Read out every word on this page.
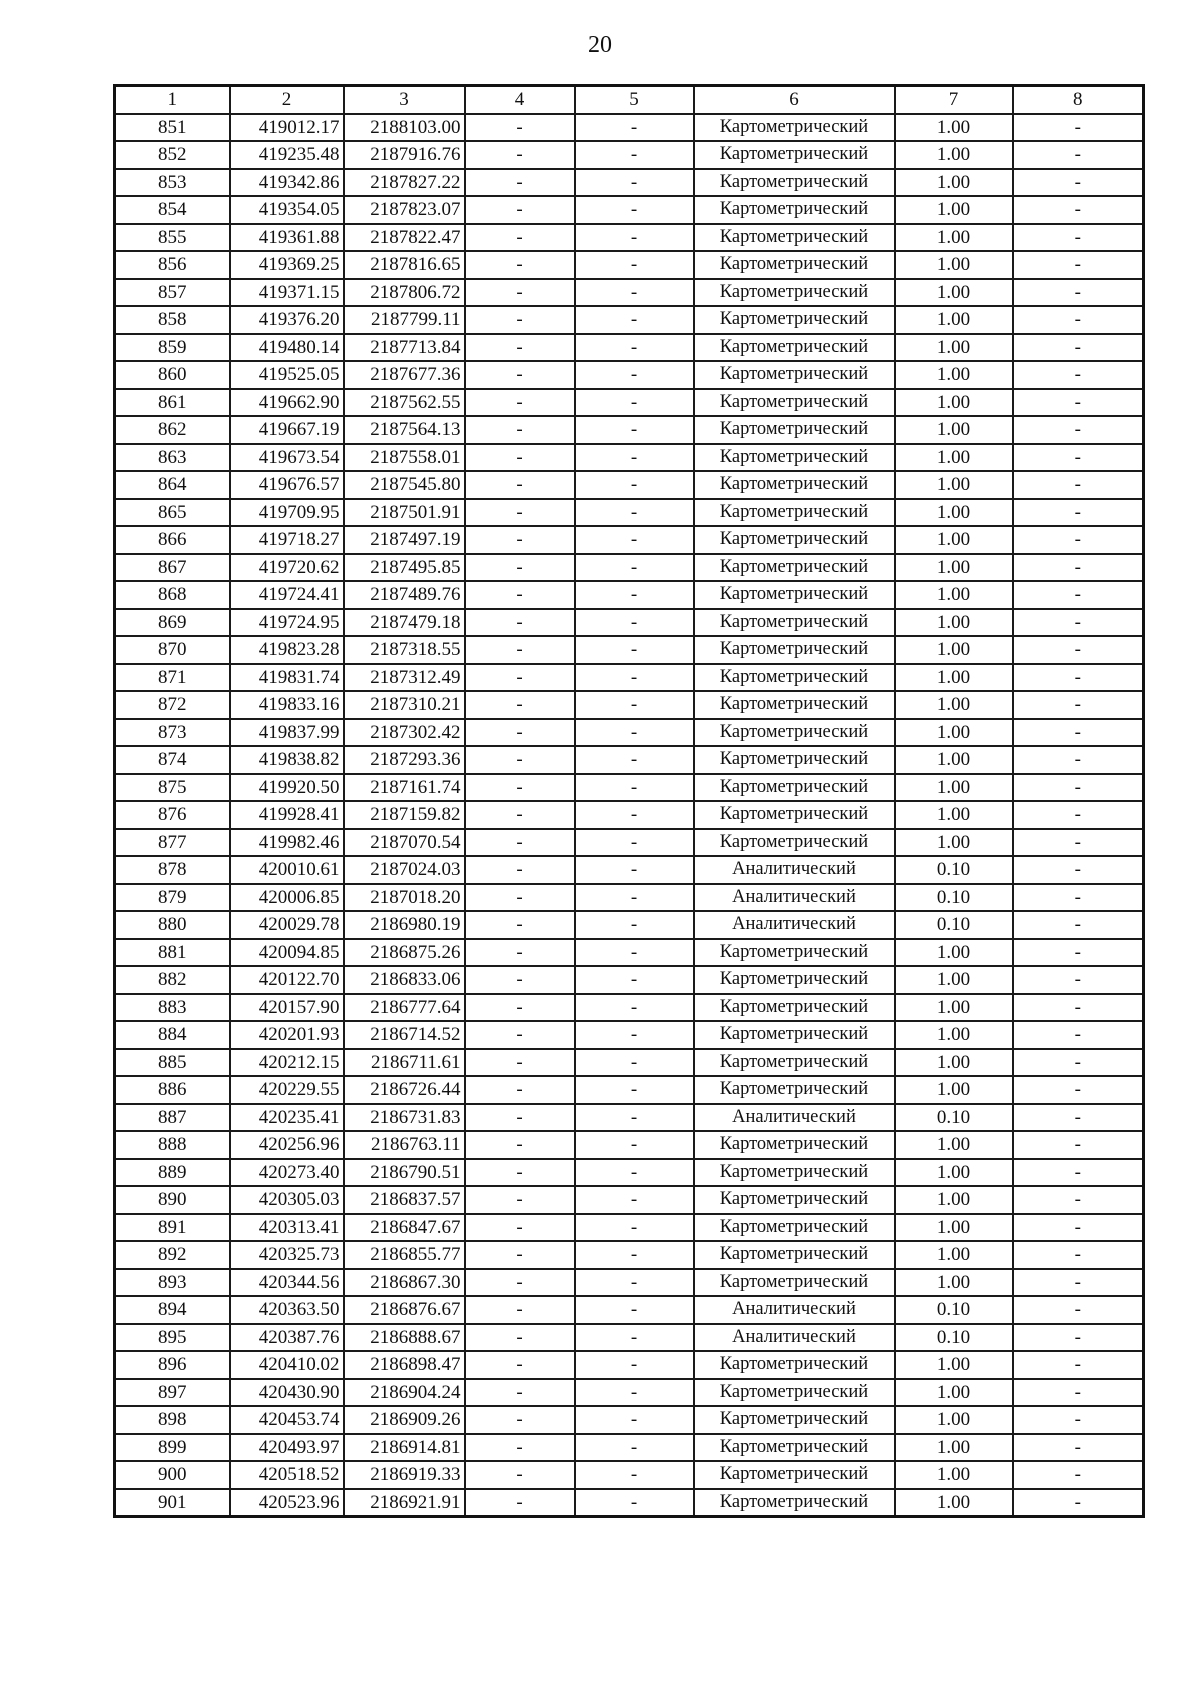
20
1	2	3	4	5	6	7	8
851	419012.17	2188103.00	-	-	Картометрический	1.00	-
852	419235.48	2187916.76	-	-	Картометрический	1.00	-
853	419342.86	2187827.22	-	-	Картометрический	1.00	-
854	419354.05	2187823.07	-	-	Картометрический	1.00	-
855	419361.88	2187822.47	-	-	Картометрический	1.00	-
856	419369.25	2187816.65	-	-	Картометрический	1.00	-
857	419371.15	2187806.72	-	-	Картометрический	1.00	-
858	419376.20	2187799.11	-	-	Картометрический	1.00	-
859	419480.14	2187713.84	-	-	Картометрический	1.00	-
860	419525.05	2187677.36	-	-	Картометрический	1.00	-
861	419662.90	2187562.55	-	-	Картометрический	1.00	-
862	419667.19	2187564.13	-	-	Картометрический	1.00	-
863	419673.54	2187558.01	-	-	Картометрический	1.00	-
864	419676.57	2187545.80	-	-	Картометрический	1.00	-
865	419709.95	2187501.91	-	-	Картометрический	1.00	-
866	419718.27	2187497.19	-	-	Картометрический	1.00	-
867	419720.62	2187495.85	-	-	Картометрический	1.00	-
868	419724.41	2187489.76	-	-	Картометрический	1.00	-
869	419724.95	2187479.18	-	-	Картометрический	1.00	-
870	419823.28	2187318.55	-	-	Картометрический	1.00	-
871	419831.74	2187312.49	-	-	Картометрический	1.00	-
872	419833.16	2187310.21	-	-	Картометрический	1.00	-
873	419837.99	2187302.42	-	-	Картометрический	1.00	-
874	419838.82	2187293.36	-	-	Картометрический	1.00	-
875	419920.50	2187161.74	-	-	Картометрический	1.00	-
876	419928.41	2187159.82	-	-	Картометрический	1.00	-
877	419982.46	2187070.54	-	-	Картометрический	1.00	-
878	420010.61	2187024.03	-	-	Аналитический	0.10	-
879	420006.85	2187018.20	-	-	Аналитический	0.10	-
880	420029.78	2186980.19	-	-	Аналитический	0.10	-
881	420094.85	2186875.26	-	-	Картометрический	1.00	-
882	420122.70	2186833.06	-	-	Картометрический	1.00	-
883	420157.90	2186777.64	-	-	Картометрический	1.00	-
884	420201.93	2186714.52	-	-	Картометрический	1.00	-
885	420212.15	2186711.61	-	-	Картометрический	1.00	-
886	420229.55	2186726.44	-	-	Картометрический	1.00	-
887	420235.41	2186731.83	-	-	Аналитический	0.10	-
888	420256.96	2186763.11	-	-	Картометрический	1.00	-
889	420273.40	2186790.51	-	-	Картометрический	1.00	-
890	420305.03	2186837.57	-	-	Картометрический	1.00	-
891	420313.41	2186847.67	-	-	Картометрический	1.00	-
892	420325.73	2186855.77	-	-	Картометрический	1.00	-
893	420344.56	2186867.30	-	-	Картометрический	1.00	-
894	420363.50	2186876.67	-	-	Аналитический	0.10	-
895	420387.76	2186888.67	-	-	Аналитический	0.10	-
896	420410.02	2186898.47	-	-	Картометрический	1.00	-
897	420430.90	2186904.24	-	-	Картометрический	1.00	-
898	420453.74	2186909.26	-	-	Картометрический	1.00	-
899	420493.97	2186914.81	-	-	Картометрический	1.00	-
900	420518.52	2186919.33	-	-	Картометрический	1.00	-
901	420523.96	2186921.91	-	-	Картометрический	1.00	-
